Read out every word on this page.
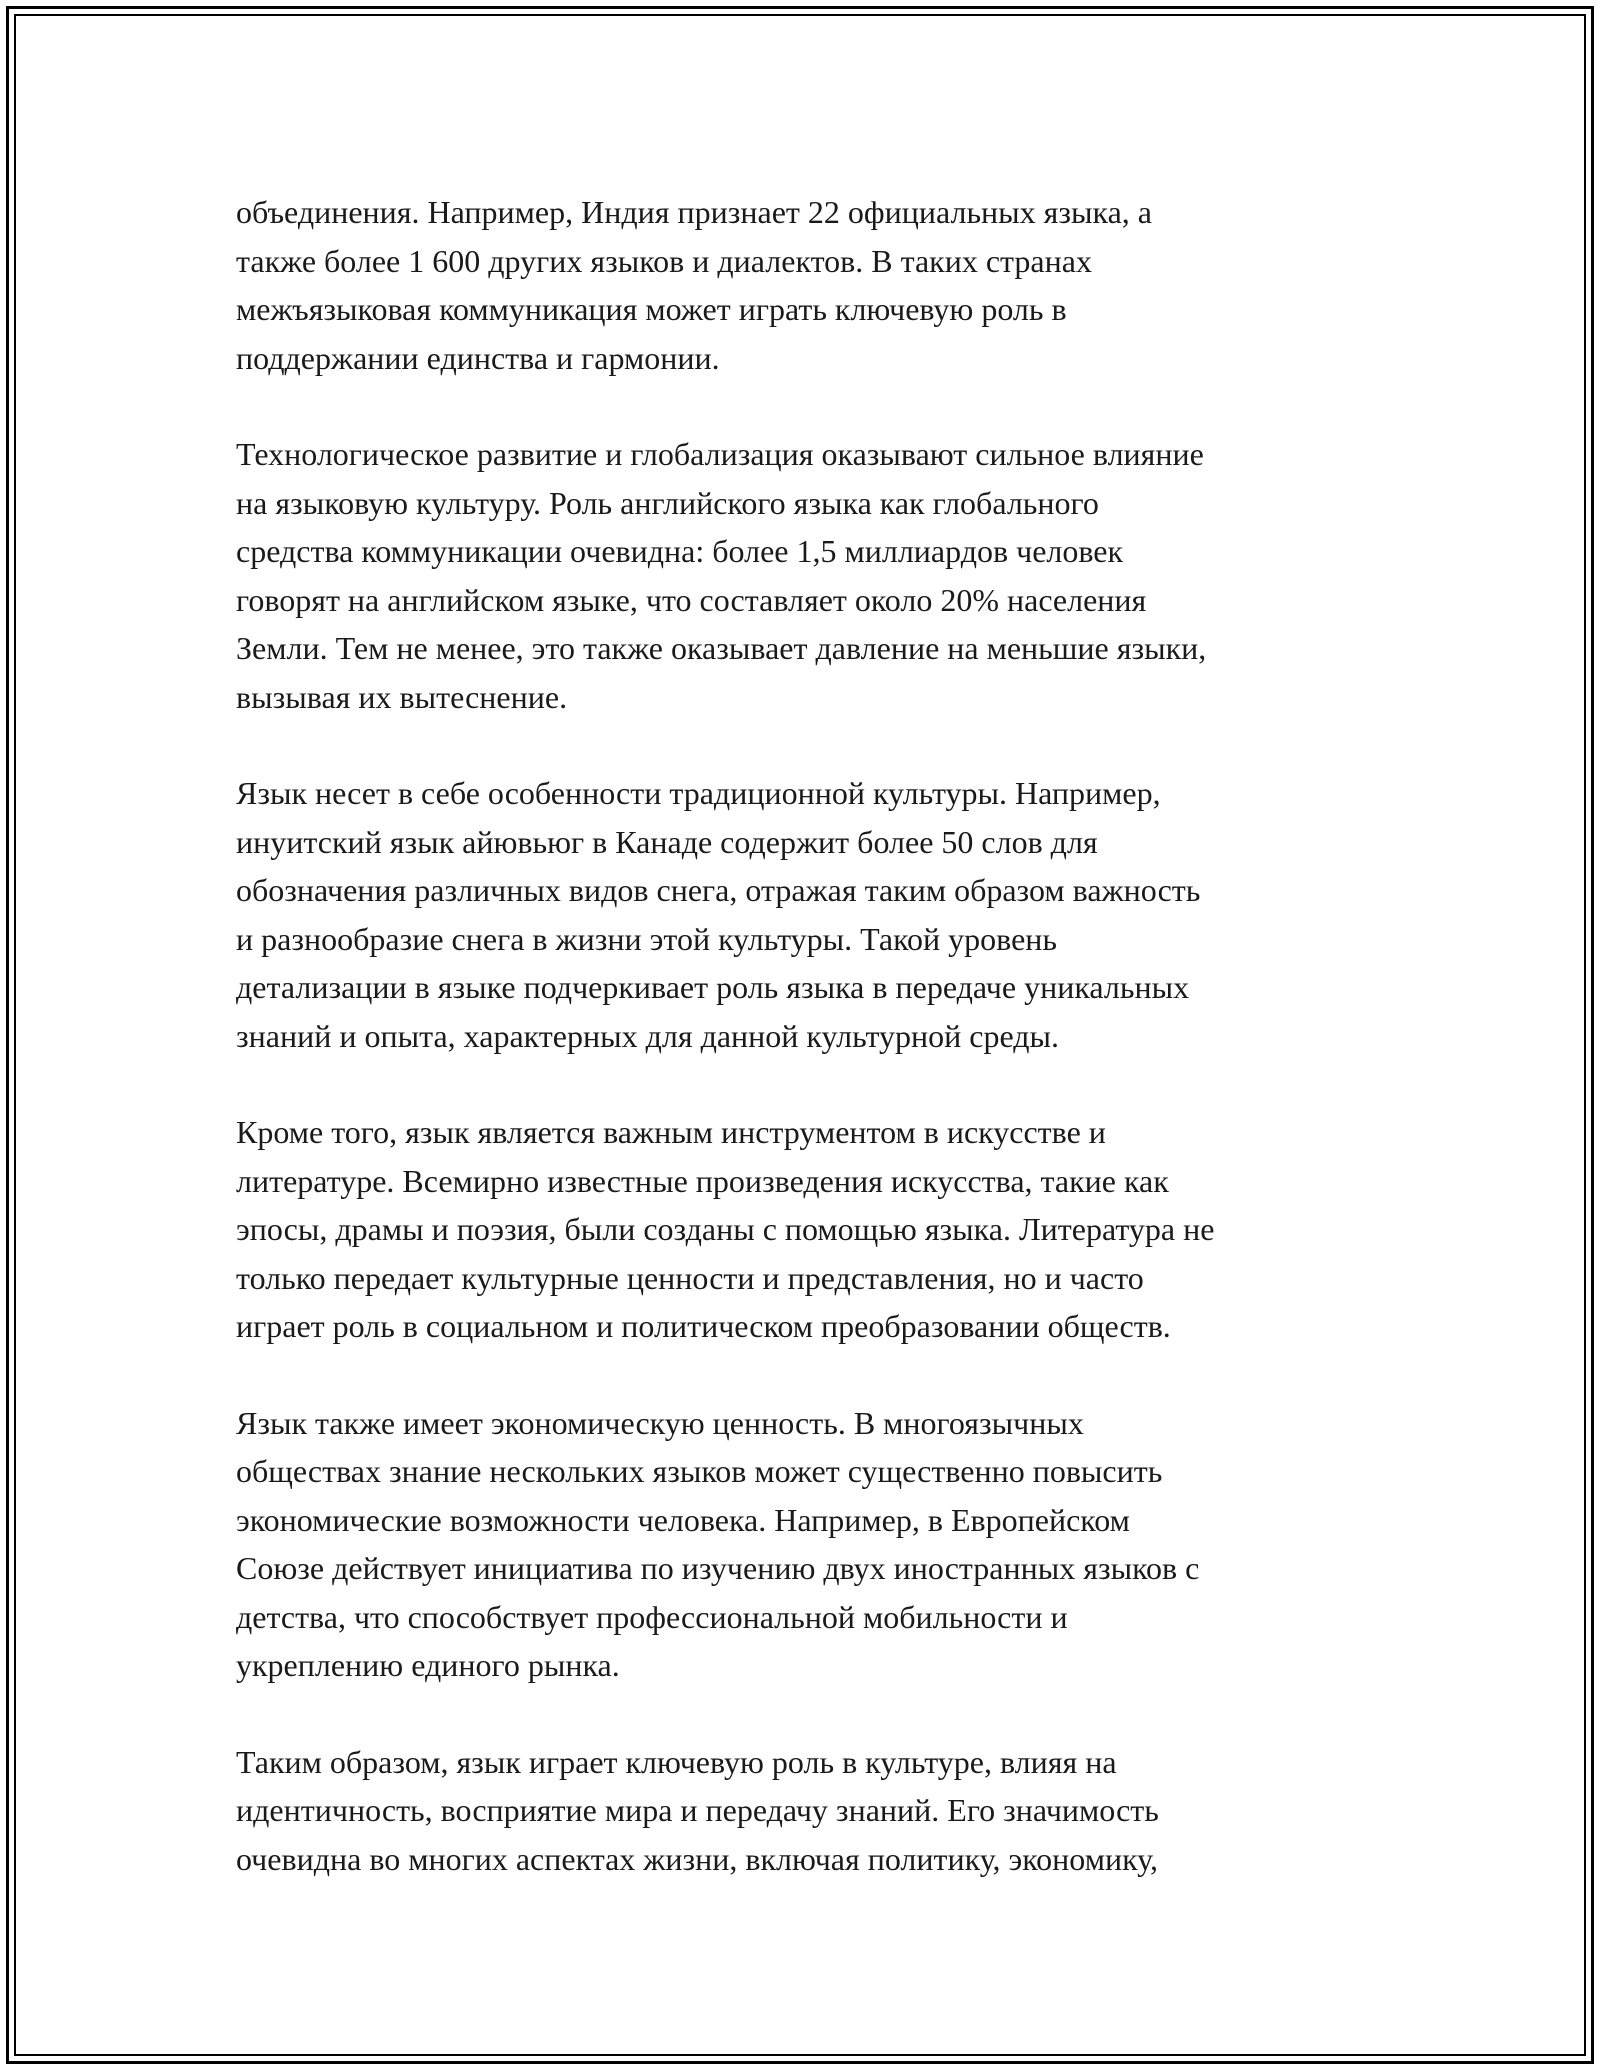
объединения. Например, Индия признает 22 официальных языка, а
также более 1 600 других языков и диалектов. В таких странах
межъязыковая коммуникация может играть ключевую роль в
поддержании единства и гармонии.

Технологическое развитие и глобализация оказывают сильное влияние
на языковую культуру. Роль английского языка как глобального
средства коммуникации очевидна: более 1,5 миллиардов человек
говорят на английском языке, что составляет около 20% населения
Земли. Тем не менее, это также оказывает давление на меньшие языки,
вызывая их вытеснение.

Язык несет в себе особенности традиционной культуры. Например,
инуитский язык айювьюг в Канаде содержит более 50 слов для
обозначения различных видов снега, отражая таким образом важность
и разнообразие снега в жизни этой культуры. Такой уровень
детализации в языке подчеркивает роль языка в передаче уникальных
знаний и опыта, характерных для данной культурной среды.

Кроме того, язык является важным инструментом в искусстве и
литературе. Всемирно известные произведения искусства, такие как
эпосы, драмы и поэзия, были созданы с помощью языка. Литература не
только передает культурные ценности и представления, но и часто
играет роль в социальном и политическом преобразовании обществ.

Язык также имеет экономическую ценность. В многоязычных
обществах знание нескольких языков может существенно повысить
экономические возможности человека. Например, в Европейском
Союзе действует инициатива по изучению двух иностранных языков с
детства, что способствует профессиональной мобильности и
укреплению единого рынка.

Таким образом, язык играет ключевую роль в культуре, влияя на
идентичность, восприятие мира и передачу знаний. Его значимость
очевидна во многих аспектах жизни, включая политику, экономику,
